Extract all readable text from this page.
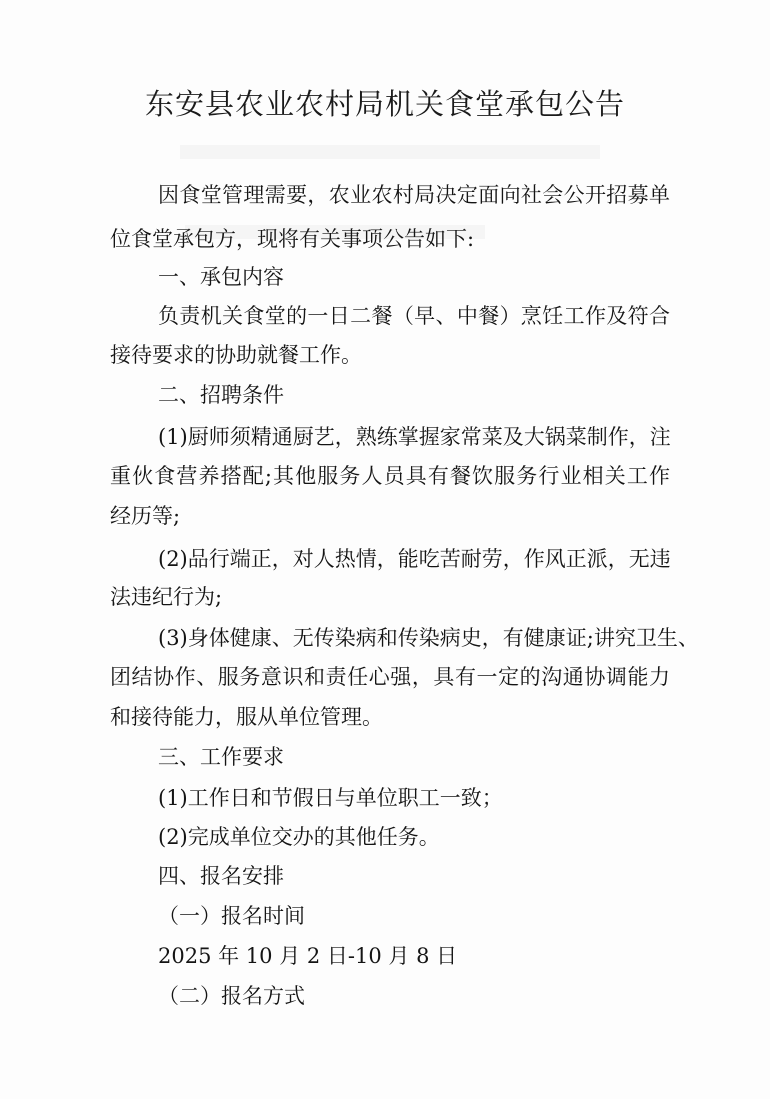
东安县农业农村局机关食堂承包公告
因食堂管理需要，农业农村局决定面向社会公开招募单
位食堂承包方，现将有关事项公告如下:
一、承包内容
负责机关食堂的一日二餐（早、中餐）烹饪工作及符合
接待要求的协助就餐工作。
二、招聘条件
(1)厨师须精通厨艺，熟练掌握家常菜及大锅菜制作，注
重伙食营养搭配;其他服务人员具有餐饮服务行业相关工作
经历等;
(2)品行端正，对人热情，能吃苦耐劳，作风正派，无违
法违纪行为;
(3)身体健康、无传染病和传染病史，有健康证;讲究卫生、
团结协作、服务意识和责任心强，具有一定的沟通协调能力
和接待能力，服从单位管理。
三、工作要求
(1)工作日和节假日与单位职工一致；
(2)完成单位交办的其他任务。
四、报名安排
（一）报名时间
2025 年 10 月 2 日-10 月 8 日
（二）报名方式
